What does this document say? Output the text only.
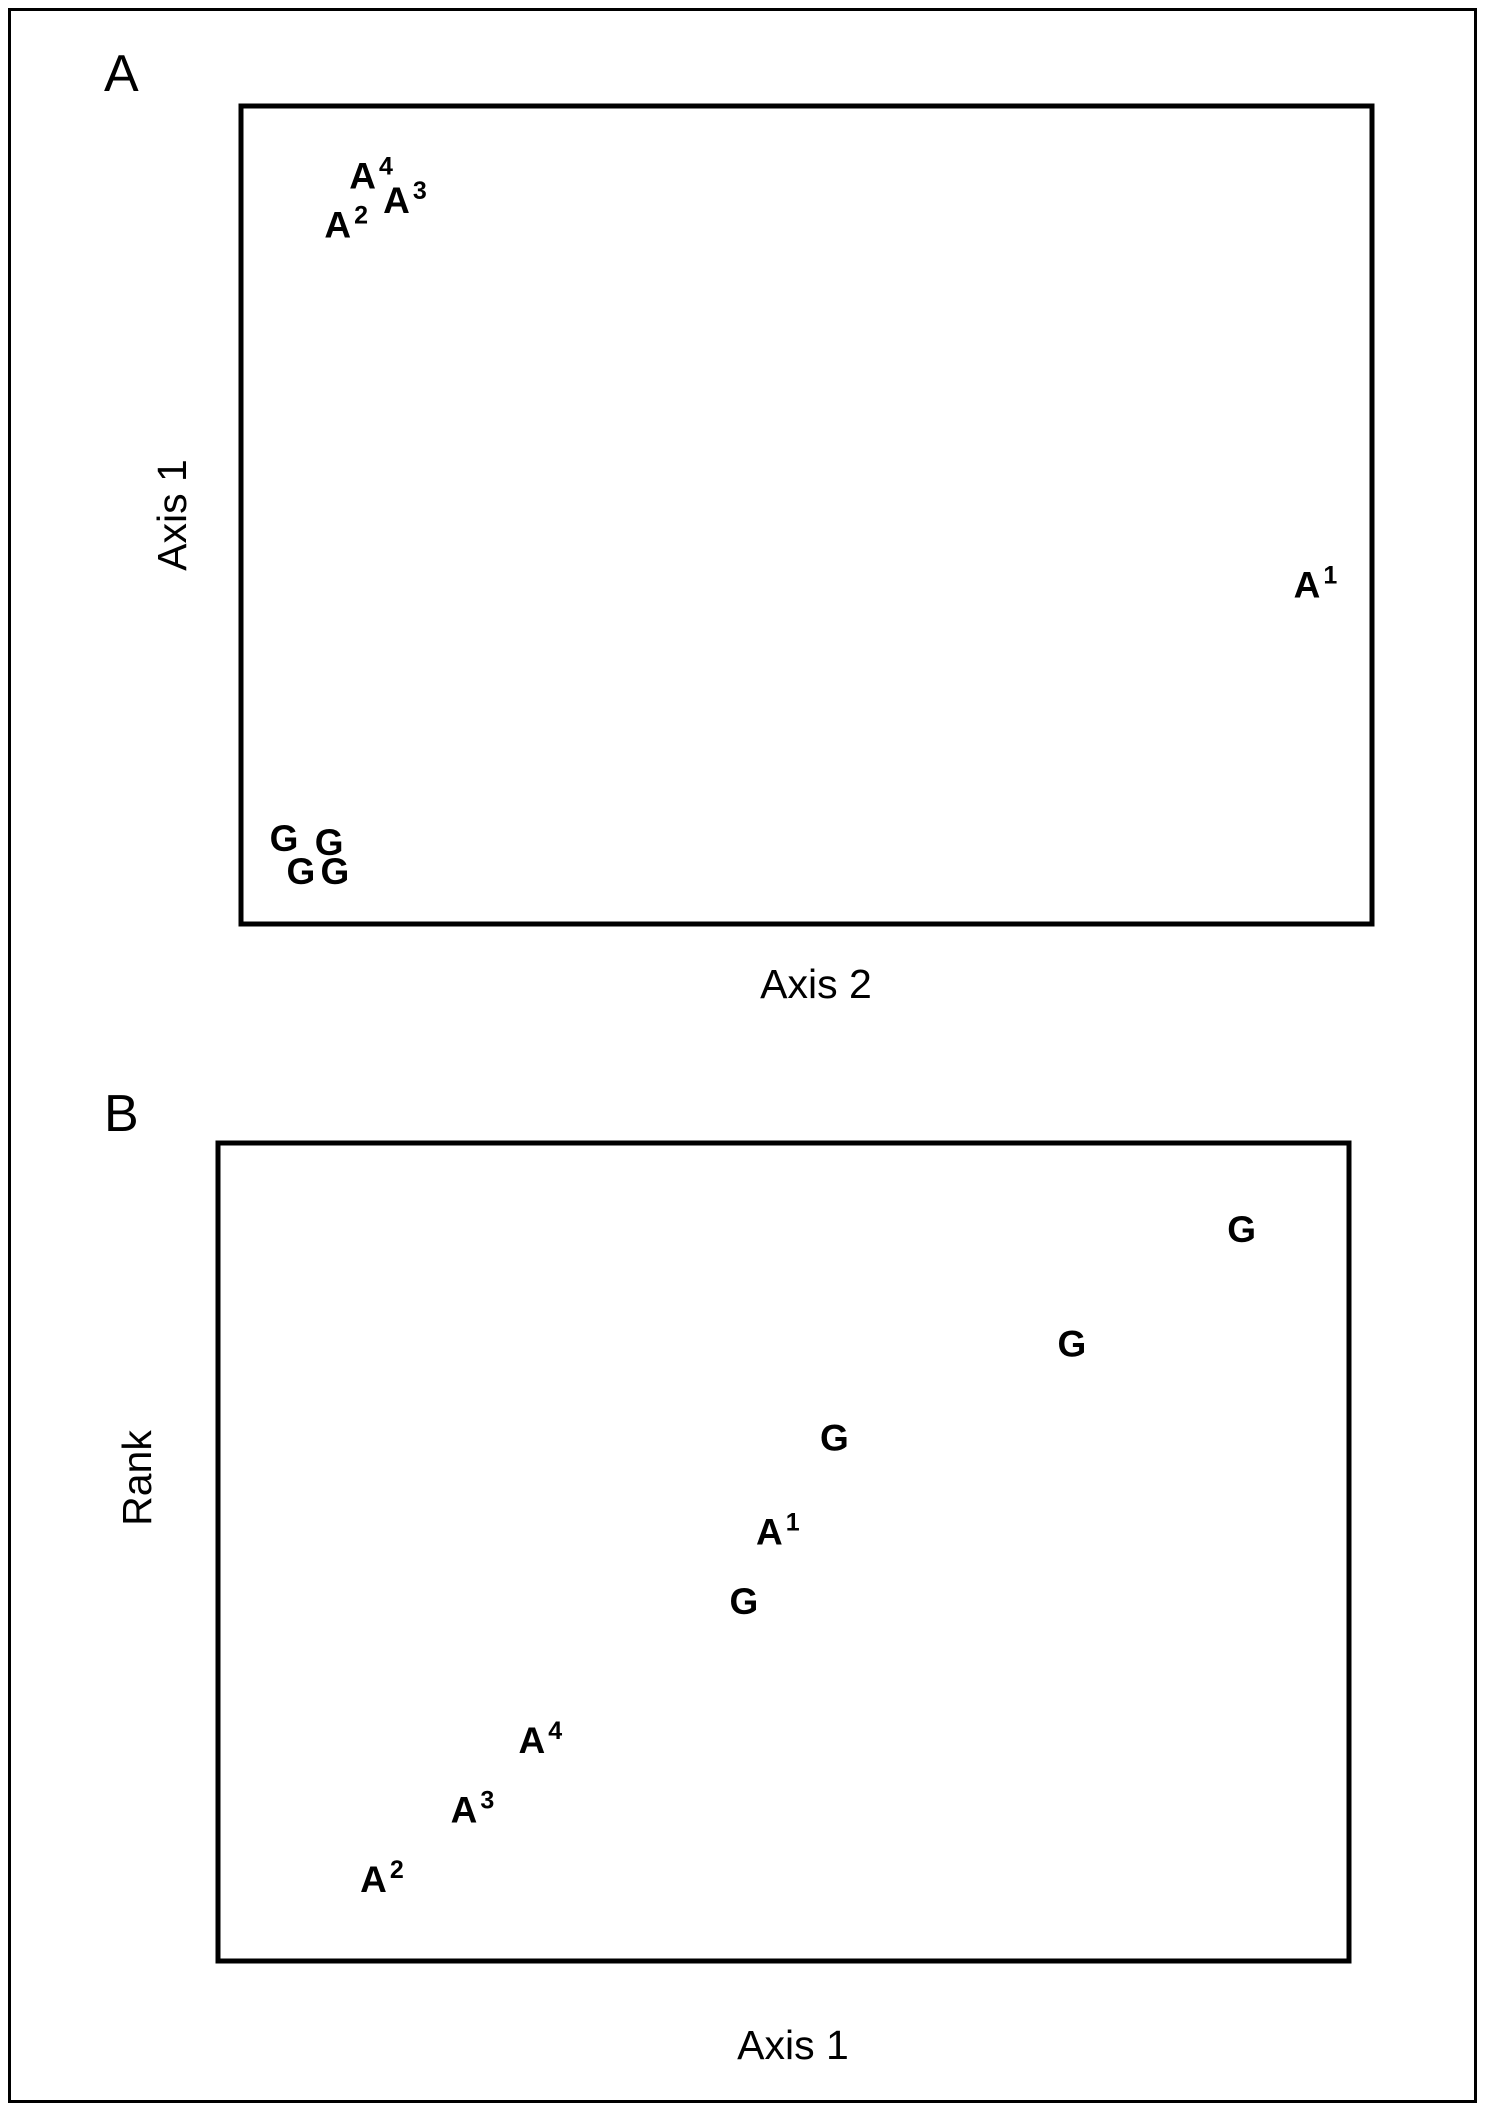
A
B
Axis 2
Axis 1
A $^4$
A $^3$
A $^2$
A $^1$
G G
G G
Axis 1
Rank
G
G
G
A $^1$
G
A $^4$
A $^3$
A $^2$
